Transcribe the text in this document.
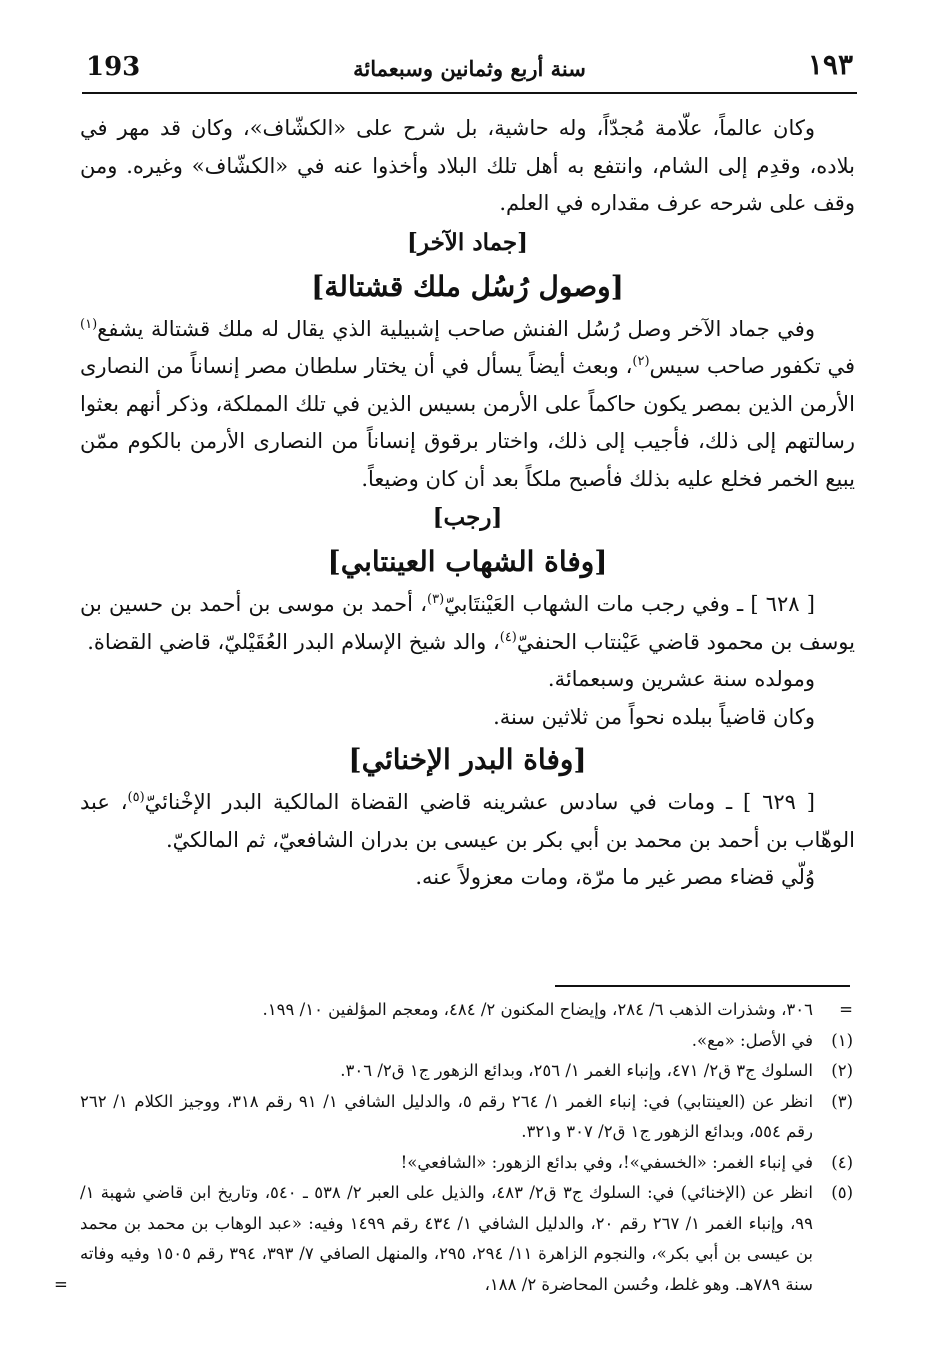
١٩٣
سنة أربع وثمانين وسبعمائة
193

وكان عالماً، علّامة مُجدّاً، وله حاشية، بل شرح على «الكشّاف»، وكان قد مهر في بلاده، وقدِم إلى الشام، وانتفع به أهل تلك البلاد وأخذوا عنه في «الكشّاف» وغيره. ومن وقف على شرحه عرف مقداره في العلم.

[جماد الآخر]

[وصول رُسُل ملك قشتالة]

وفي جماد الآخر وصل رُسُل الفنش صاحب إشبيلية الذي يقال له ملك قشتالة يشفع$^{(١)}$ في تكفور صاحب سيس$^{(٢)}$، وبعث أيضاً يسأل في أن يختار سلطان مصر إنساناً من النصارى الأرمن الذين بمصر يكون حاكماً على الأرمن بسيس الذين في تلك المملكة، وذكر أنهم بعثوا رسالتهم إلى ذلك، فأجيب إلى ذلك، واختار برقوق إنساناً من النصارى الأرمن بالكوم ممّن يبيع الخمر فخلع عليه بذلك فأصبح ملكاً بعد أن كان وضيعاً.

[رجب]

[وفاة الشهاب العينتابي]

[ ٦٢٨ ] ـ وفي رجب مات الشهاب العَيْنتَابيّ$^{(٣)}$، أحمد بن موسى بن أحمد بن حسين بن يوسف بن محمود قاضي عَيْنتاب الحنفيّ$^{(٤)}$، والد شيخ الإسلام البدر العُقَيْليّ، قاضي القضاة.

ومولده سنة عشرين وسبعمائة.

وكان قاضياً ببلده نحواً من ثلاثين سنة.

[وفاة البدر الإخنائي]

[ ٦٢٩ ] ـ ومات في سادس عشرينه قاضي القضاة المالكية البدر الإخْنائيّ$^{(٥)}$، عبد الوهّاب بن أحمد بن محمد بن أبي بكر بن عيسى بن بدران الشافعيّ، ثم المالكيّ.

وُلّي قضاء مصر غير ما مرّة، ومات معزولاً عنه.

=
٣٠٦، وشذرات الذهب ٦/ ٢٨٤، وإيضاح المكنون ٢/ ٤٨٤، ومعجم المؤلفين ١٠/ ١٩٩.

(١)
في الأصل: «مع».

(٢)
السلوك ج٣ ق٢/ ٤٧١، وإنباء الغمر ١/ ٢٥٦، وبدائع الزهور ج١ ق٢/ ٣٠٦.

(٣)
انظر عن (العينتابي) في: إنباء الغمر ١/ ٢٦٤ رقم ٥، والدليل الشافي ١/ ٩١ رقم ٣١٨، ووجيز الكلام ١/ ٢٦٢ رقم ٥٥٤، وبدائع الزهور ج١ ق٢/ ٣٠٧ و٣٢١.

(٤)
في إنباء الغمر: «الخسفي»!، وفي بدائع الزهور: «الشافعي»!

(٥)
انظر عن (الإخنائي) في: السلوك ج٣ ق٢/ ٤٨٣، والذيل على العبر ٢/ ٥٣٨ ـ ٥٤٠، وتاريخ ابن قاضي شهبة ١/ ٩٩، وإنباء الغمر ١/ ٢٦٧ رقم ٢٠، والدليل الشافي ١/ ٤٣٤ رقم ١٤٩٩ وفيه: «عبد الوهاب بن محمد بن محمد بن عيسى بن أبي بكر»، والنجوم الزاهرة ١١/ ٢٩٤، ٢٩٥، والمنهل الصافي ٧/ ٣٩٣، ٣٩٤ رقم ١٥٠٥ وفيه وفاته سنة ٧٨٩هـ. وهو غلط، وحُسن المحاضرة ٢/ ١٨٨،
=
